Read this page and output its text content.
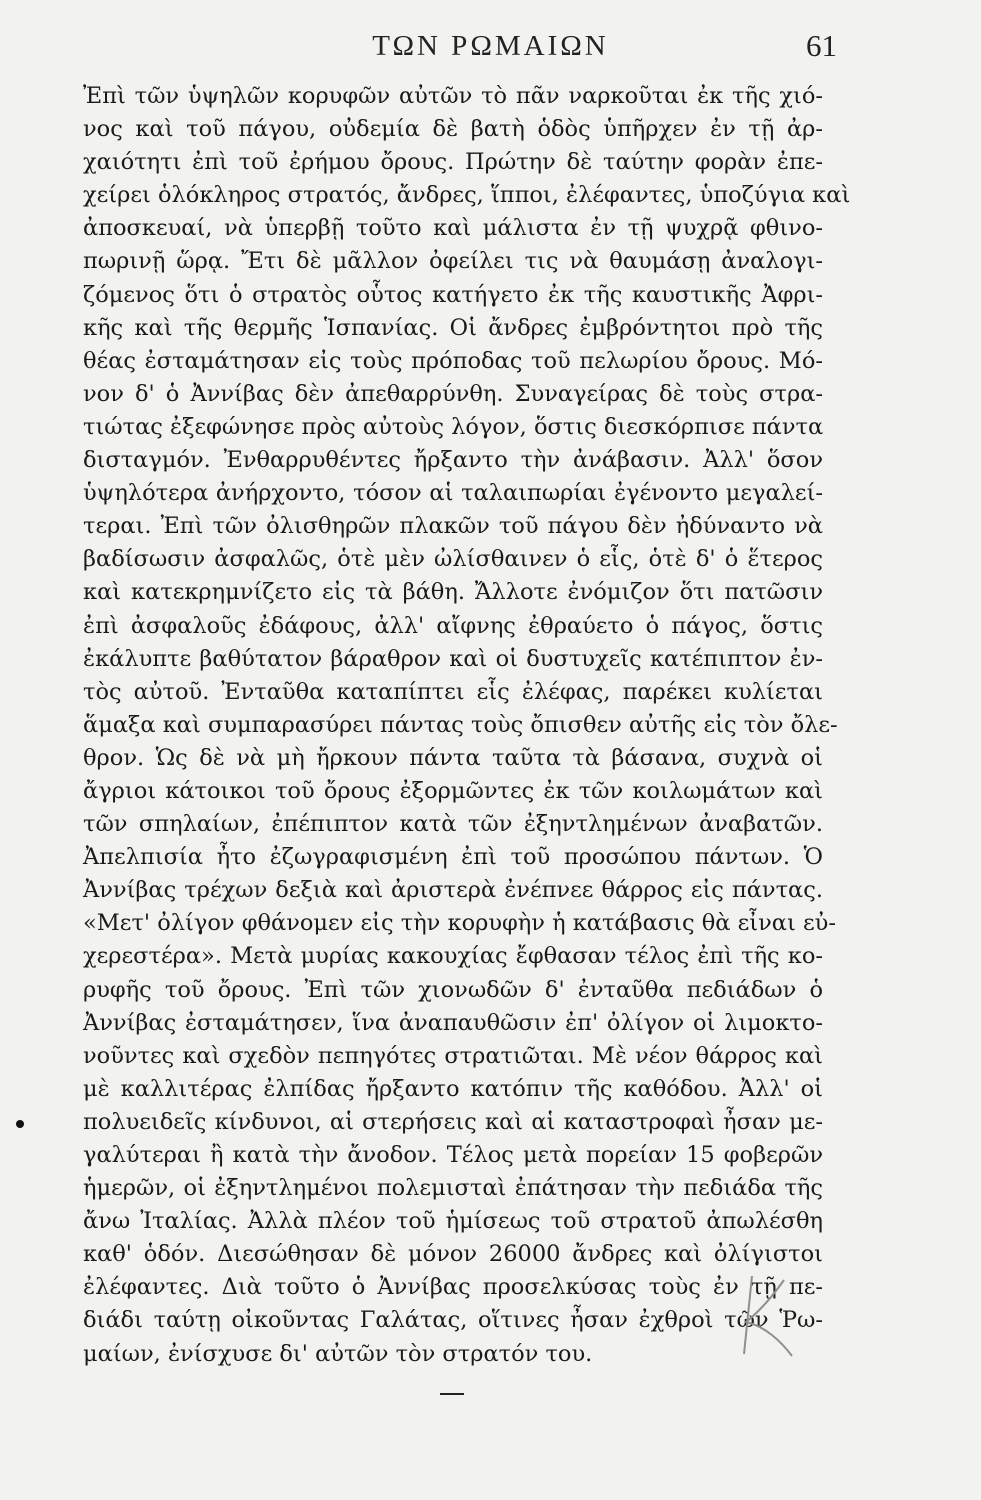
ΤΩΝ ΡΩΜΑΙΩΝ	61
Ἐπὶ τῶν ὑψηλῶν κορυφῶν αὐτῶν τὸ πᾶν ναρκοῦται ἐκ τῆς χιό-
νος καὶ τοῦ πάγου, οὐδεμία δὲ βατὴ ὁδὸς ὑπῆρχεν ἐν τῇ ἀρ-
χαιότητι ἐπὶ τοῦ ἐρήμου ὄρους. Πρώτην δὲ ταύτην φορὰν ἐπε-
χείρει ὁλόκληρος στρατός, ἄνδρες, ἵπποι, ἐλέφαντες, ὑποζύγια καὶ
ἀποσκευαί, νὰ ὑπερβῇ τοῦτο καὶ μάλιστα ἐν τῇ ψυχρᾷ φθινο-
πωρινῇ ὥρᾳ. Ἔτι δὲ μᾶλλον ὀφείλει τις νὰ θαυμάσῃ ἀναλογι-
ζόμενος ὅτι ὁ στρατὸς οὗτος κατήγετο ἐκ τῆς καυστικῆς Ἀφρι-
κῆς καὶ τῆς θερμῆς Ἱσπανίας. Οἱ ἄνδρες ἐμβρόντητοι πρὸ τῆς
θέας ἐσταμάτησαν εἰς τοὺς πρόποδας τοῦ πελωρίου ὄρους. Μό-
νον δ' ὁ Ἀννίβας δὲν ἀπεθαρρύνθη. Συναγείρας δὲ τοὺς στρα-
τιώτας ἐξεφώνησε πρὸς αὐτοὺς λόγον, ὅστις διεσκόρπισε πάντα
δισταγμόν. Ἐνθαρρυθέντες ἤρξαντο τὴν ἀνάβασιν. Ἀλλ' ὅσον
ὑψηλότερα ἀνήρχοντο, τόσον αἱ ταλαιπωρίαι ἐγένοντο μεγαλεί-
τεραι. Ἐπὶ τῶν ὀλισθηρῶν πλακῶν τοῦ πάγου δὲν ἠδύναντο νὰ
βαδίσωσιν ἀσφαλῶς, ὁτὲ μὲν ὠλίσθαινεν ὁ εἷς, ὁτὲ δ' ὁ ἕτερος
καὶ κατεκρημνίζετο εἰς τὰ βάθη. Ἄλλοτε ἐνόμιζον ὅτι πατῶσιν
ἐπὶ ἀσφαλοῦς ἐδάφους, ἀλλ' αἴφνης ἐθραύετο ὁ πάγος, ὅστις
ἐκάλυπτε βαθύτατον βάραθρον καὶ οἱ δυστυχεῖς κατέπιπτον ἐν-
τὸς αὐτοῦ. Ἐνταῦθα καταπίπτει εἷς ἐλέφας, παρέκει κυλίεται
ἅμαξα καὶ συμπαρασύρει πάντας τοὺς ὄπισθεν αὐτῆς εἰς τὸν ὄλε-
θρον. Ὡς δὲ νὰ μὴ ἤρκουν πάντα ταῦτα τὰ βάσανα, συχνὰ οἱ
ἄγριοι κάτοικοι τοῦ ὄρους ἐξορμῶντες ἐκ τῶν κοιλωμάτων καὶ
τῶν σπηλαίων, ἐπέπιπτον κατὰ τῶν ἐξηντλημένων ἀναβατῶν.
Ἀπελπισία ἦτο ἐζωγραφισμένη ἐπὶ τοῦ προσώπου πάντων. Ὁ
Ἀννίβας τρέχων δεξιὰ καὶ ἀριστερὰ ἐνέπνεε θάρρος εἰς πάντας.
«Μετ' ὀλίγον φθάνομεν εἰς τὴν κορυφὴν ἡ κατάβασις θὰ εἶναι εὐ-
χερεστέρα». Μετὰ μυρίας κακουχίας ἔφθασαν τέλος ἐπὶ τῆς κο-
ρυφῆς τοῦ ὄρους. Ἐπὶ τῶν χιονωδῶν δ' ἐνταῦθα πεδιάδων ὁ
Ἀννίβας ἐσταμάτησεν, ἵνα ἀναπαυθῶσιν ἐπ' ὀλίγον οἱ λιμοκτο-
νοῦντες καὶ σχεδὸν πεπηγότες στρατιῶται. Μὲ νέον θάρρος καὶ
μὲ καλλιτέρας ἐλπίδας ἤρξαντο κατόπιν τῆς καθόδου. Ἀλλ' οἱ
πολυειδεῖς κίνδυνοι, αἱ στερήσεις καὶ αἱ καταστροφαὶ ἦσαν με-
γαλύτεραι ἢ κατὰ τὴν ἄνοδον. Τέλος μετὰ πορείαν 15 φοβερῶν
ἡμερῶν, οἱ ἐξηντλημένοι πολεμισταὶ ἐπάτησαν τὴν πεδιάδα τῆς
ἄνω Ἰταλίας. Ἀλλὰ πλέον τοῦ ἡμίσεως τοῦ στρατοῦ ἀπωλέσθη
καθ' ὁδόν. Διεσώθησαν δὲ μόνον 26000 ἄνδρες καὶ ὀλίγιστοι
ἐλέφαντες. Διὰ τοῦτο ὁ Ἀννίβας προσελκύσας τοὺς ἐν τῇ πε-
διάδι ταύτῃ οἰκοῦντας Γαλάτας, οἵτινες ἦσαν ἐχθροὶ τῶν Ῥω-
μαίων, ἐνίσχυσε δι' αὐτῶν τὸν στρατόν του.
